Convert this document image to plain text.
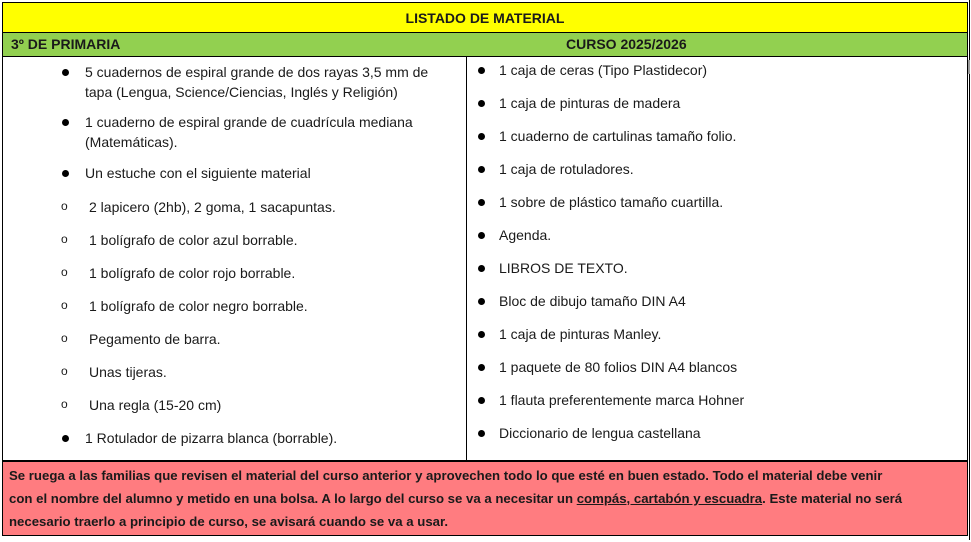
LISTADO DE MATERIAL
3º DE PRIMARIA	CURSO 2025/2026
5 cuadernos de espiral grande de dos rayas 3,5 mm de
tapa (Lengua, Science/Ciencias, Inglés y Religión)
1 cuaderno de espiral grande de cuadrícula mediana
(Matemáticas).
Un estuche con el siguiente material
o 2 lapicero (2hb), 2 goma, 1 sacapuntas.
o 1 bolígrafo de color azul borrable.
o 1 bolígrafo de color rojo borrable.
o 1 bolígrafo de color negro borrable.
o Pegamento de barra.
o Unas tijeras.
o Una regla (15-20 cm)
1 Rotulador de pizarra blanca (borrable).
1 caja de ceras (Tipo Plastidecor)
1 caja de pinturas de madera
1 cuaderno de cartulinas tamaño folio.
1 caja de rotuladores.
1 sobre de plástico tamaño cuartilla.
Agenda.
LIBROS DE TEXTO.
Bloc de dibujo tamaño DIN A4
1 caja de pinturas Manley.
1 paquete de 80 folios DIN A4 blancos
1 flauta preferentemente marca Hohner
Diccionario de lengua castellana
Se ruega a las familias que revisen el material del curso anterior y aprovechen todo lo que esté en buen estado. Todo el material debe venir
con el nombre del alumno y metido en una bolsa. A lo largo del curso se va a necesitar un compás, cartabón y escuadra. Este material no será
necesario traerlo a principio de curso, se avisará cuando se va a usar.
